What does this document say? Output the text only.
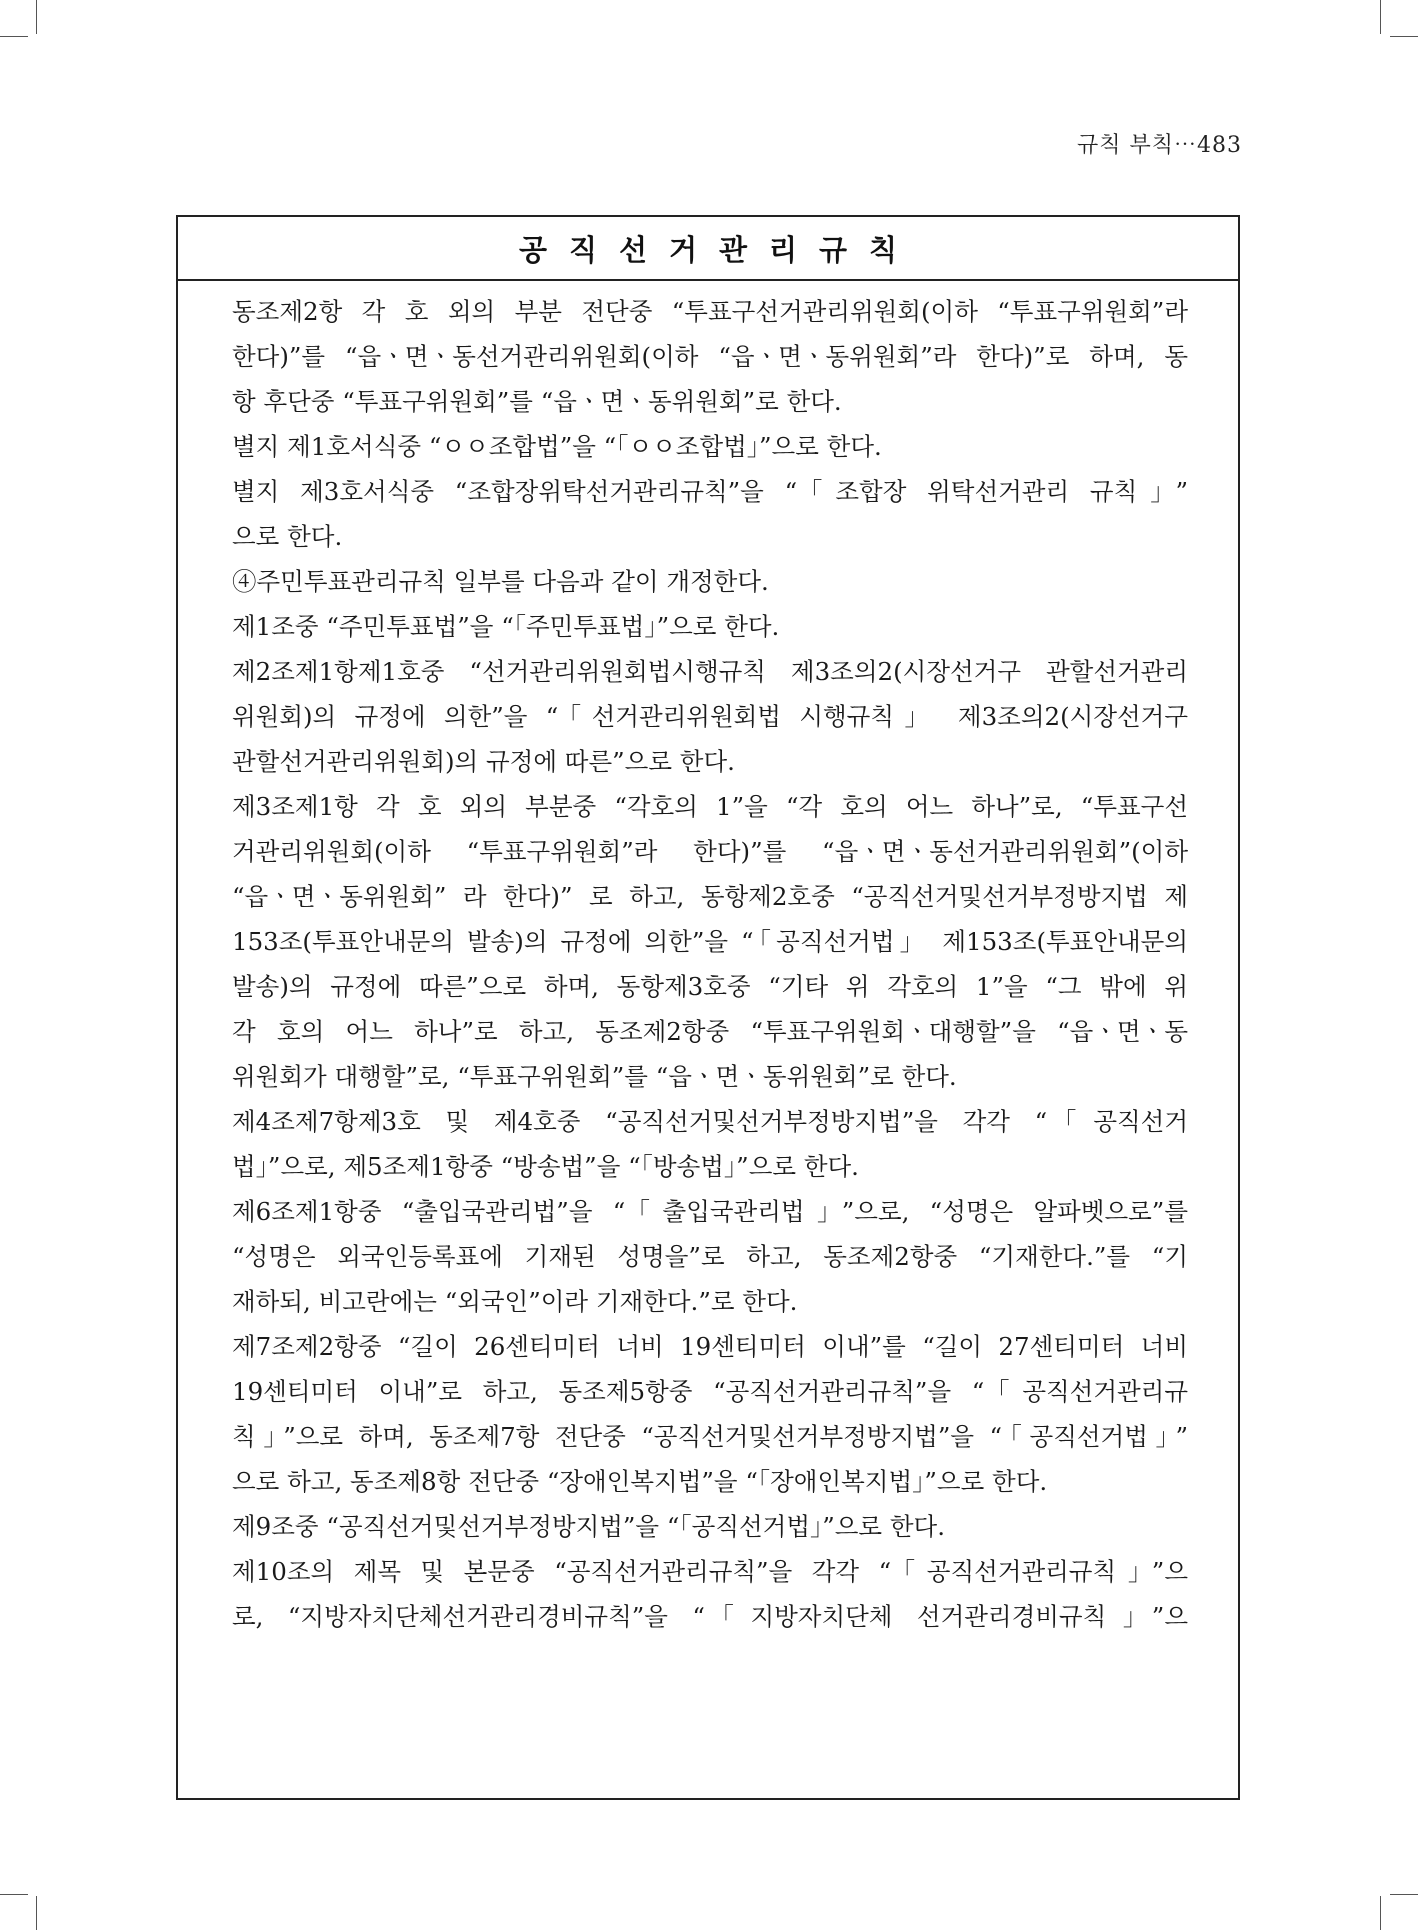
규칙 부칙⋯483
공직선거관리규칙
동조제2항 각 호 외의 부분 전단중 “투표구선거관리위원회(이하 “투표구위원회”라
한다)”를 “읍ㆍ면ㆍ동선거관리위원회(이하 “읍ㆍ면ㆍ동위원회”라 한다)”로 하며, 동
항 후단중 “투표구위원회”를 “읍ㆍ면ㆍ동위원회”로 한다.
별지 제1호서식중 “ㅇㅇ조합법”을 “「ㅇㅇ조합법」”으로 한다.
별지 제3호서식중 “조합장위탁선거관리규칙”을 “「조합장 위탁선거관리 규칙」”
으로 한다.
④주민투표관리규칙 일부를 다음과 같이 개정한다.
제1조중 “주민투표법”을 “「주민투표법」”으로 한다.
제2조제1항제1호중 “선거관리위원회법시행규칙 제3조의2(시장선거구 관할선거관리
위원회)의 규정에 의한”을 “「선거관리위원회법 시행규칙」 제3조의2(시장선거구
관할선거관리위원회)의 규정에 따른”으로 한다.
제3조제1항 각 호 외의 부분중 “각호의 1”을 “각 호의 어느 하나”로, “투표구선
거관리위원회(이하 “투표구위원회”라 한다)”를 “읍ㆍ면ㆍ동선거관리위원회”(이하
“읍ㆍ면ㆍ동위원회” 라 한다)” 로 하고, 동항제2호중 “공직선거및선거부정방지법 제
153조(투표안내문의 발송)의 규정에 의한”을 “「공직선거법」 제153조(투표안내문의
발송)의 규정에 따른”으로 하며, 동항제3호중 “기타 위 각호의 1”을 “그 밖에 위
각 호의 어느 하나”로 하고, 동조제2항중 “투표구위원회ㆍ대행할”을 “읍ㆍ면ㆍ동
위원회가 대행할”로, “투표구위원회”를 “읍ㆍ면ㆍ동위원회”로 한다.
제4조제7항제3호 및 제4호중 “공직선거및선거부정방지법”을 각각 “「공직선거
법」”으로, 제5조제1항중 “방송법”을 “「방송법」”으로 한다.
제6조제1항중 “출입국관리법”을 “「출입국관리법」”으로, “성명은 알파벳으로”를
“성명은 외국인등록표에 기재된 성명을”로 하고, 동조제2항중 “기재한다.”를 “기
재하되, 비고란에는 “외국인”이라 기재한다.”로 한다.
제7조제2항중 “길이 26센티미터 너비 19센티미터 이내”를 “길이 27센티미터 너비
19센티미터 이내”로 하고, 동조제5항중 “공직선거관리규칙”을 “「공직선거관리규
칙」”으로 하며, 동조제7항 전단중 “공직선거및선거부정방지법”을 “「공직선거법」”
으로 하고, 동조제8항 전단중 “장애인복지법”을 “「장애인복지법」”으로 한다.
제9조중 “공직선거및선거부정방지법”을 “「공직선거법」”으로 한다.
제10조의 제목 및 본문중 “공직선거관리규칙”을 각각 “「공직선거관리규칙」”으
로, “지방자치단체선거관리경비규칙”을 “「지방자치단체 선거관리경비규칙」”으
